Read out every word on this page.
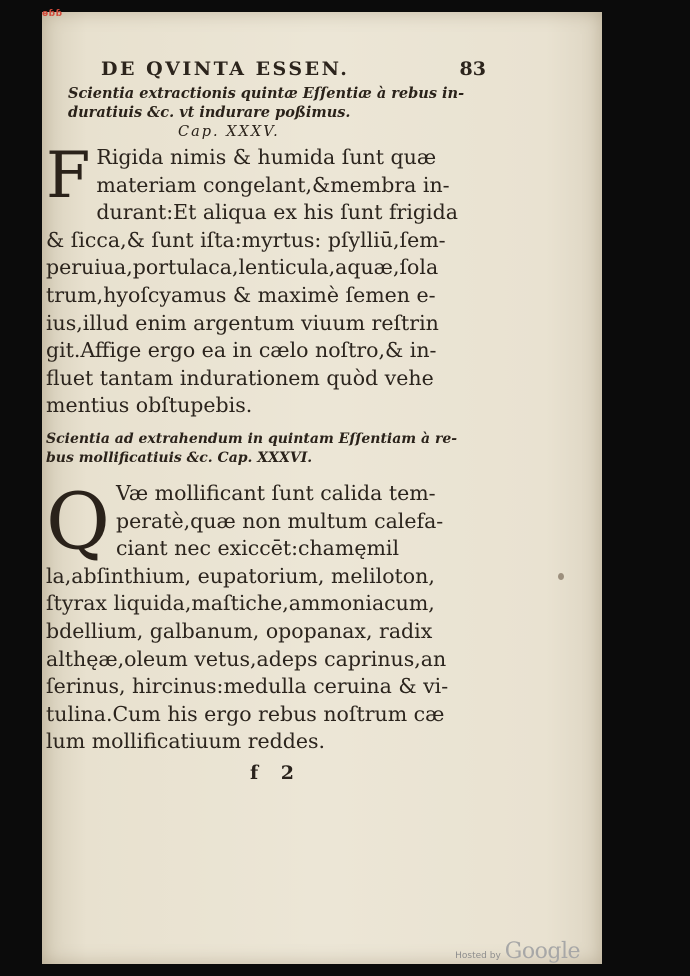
ɵɓɓ
DE QVINTA ESSEN.	83
Scientia extractionis quintæ Eſſentiæ à rebus in-
duratiuis &c. vt indurare poßimus.
Cap. XXXV.
F Rigida nimis & humida ſunt quæ
materiam congelant,&membra in-
durant:Et aliqua ex his ſunt frigida
& ſicca,& ſunt iſta:myrtus: pſylliū,ſem-
peruiua,portulaca,lenticula,aquæ,ſola
trum,hyoſcyamus & maximè ſemen e-
ius,illud enim argentum viuum reſtrin
git.Affige ergo ea in cælo noſtro,& in-
fluet tantam indurationem quòd vehe
mentius obſtupebis.
Scientia ad extrahendum in quintam Eſſentiam à re-
bus mollificatiuis &c. Cap. XXXVI.
Q Væ mollificant ſunt calida tem-
peratè,quæ non multum calefa-
ciant nec exiccēt:chamęmil
la,abſinthium, eupatorium, meliloton,
ſtyrax liquida,maſtiche,ammoniacum,
bdellium, galbanum, opopanax, radix
althęæ,oleum vetus,adeps caprinus,an
ſerinus, hircinus:medulla ceruina & vi-
tulina.Cum his ergo rebus noſtrum cæ
lum mollificatiuum reddes.
f 2
Hosted by Google
